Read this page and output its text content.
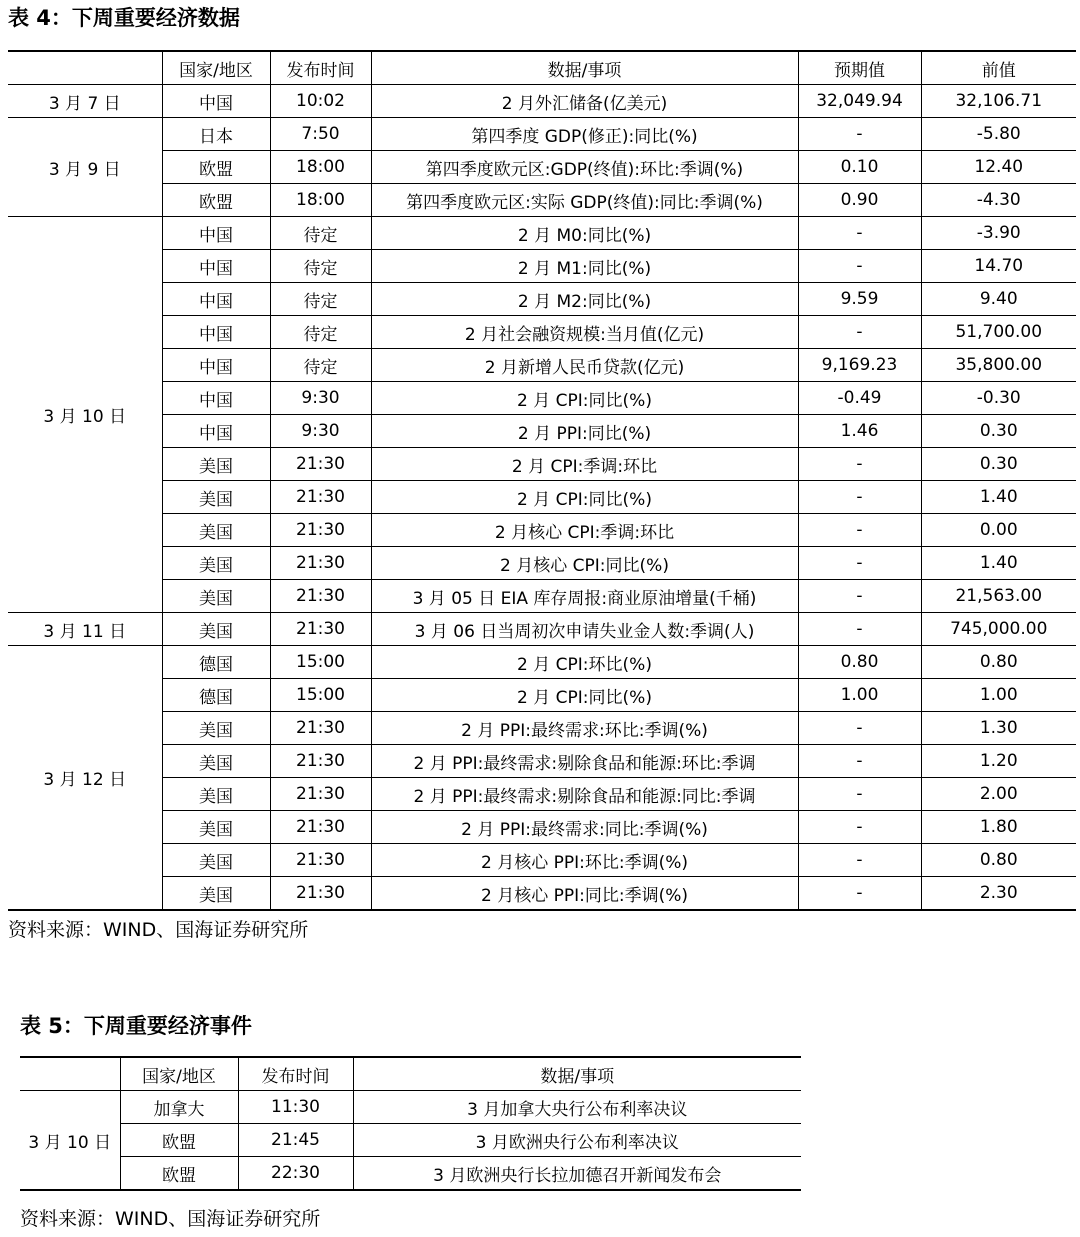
表 4：下周重要经济数据
	国家/地区	发布时间	数据/事项	预期值	前值
3 月 7 日	中国	10:02	2 月外汇储备(亿美元)	32,049.94	32,106.71
3 月 9 日	日本	7:50	第四季度 GDP(修正):同比(%)	-	-5.80
	欧盟	18:00	第四季度欧元区:GDP(终值):环比:季调(%)	0.10	12.40
	欧盟	18:00	第四季度欧元区:实际 GDP(终值):同比:季调(%)	0.90	-4.30
3 月 10 日	中国	待定	2 月 M0:同比(%)	-	-3.90
	中国	待定	2 月 M1:同比(%)	-	14.70
	中国	待定	2 月 M2:同比(%)	9.59	9.40
	中国	待定	2 月社会融资规模:当月值(亿元)	-	51,700.00
	中国	待定	2 月新增人民币贷款(亿元)	9,169.23	35,800.00
	中国	9:30	2 月 CPI:同比(%)	-0.49	-0.30
	中国	9:30	2 月 PPI:同比(%)	1.46	0.30
	美国	21:30	2 月 CPI:季调:环比	-	0.30
	美国	21:30	2 月 CPI:同比(%)	-	1.40
	美国	21:30	2 月核心 CPI:季调:环比	-	0.00
	美国	21:30	2 月核心 CPI:同比(%)	-	1.40
	美国	21:30	3 月 05 日 EIA 库存周报:商业原油增量(千桶)	-	21,563.00
3 月 11 日	美国	21:30	3 月 06 日当周初次申请失业金人数:季调(人)	-	745,000.00
3 月 12 日	德国	15:00	2 月 CPI:环比(%)	0.80	0.80
	德国	15:00	2 月 CPI:同比(%)	1.00	1.00
	美国	21:30	2 月 PPI:最终需求:环比:季调(%)	-	1.30
	美国	21:30	2 月 PPI:最终需求:剔除食品和能源:环比:季调	-	1.20
	美国	21:30	2 月 PPI:最终需求:剔除食品和能源:同比:季调	-	2.00
	美国	21:30	2 月 PPI:最终需求:同比:季调(%)	-	1.80
	美国	21:30	2 月核心 PPI:环比:季调(%)	-	0.80
	美国	21:30	2 月核心 PPI:同比:季调(%)	-	2.30
资料来源：WIND、国海证券研究所
表 5：下周重要经济事件
	国家/地区	发布时间	数据/事项
3 月 10 日	加拿大	11:30	3 月加拿大央行公布利率决议
	欧盟	21:45	3 月欧洲央行公布利率决议
	欧盟	22:30	3 月欧洲央行长拉加德召开新闻发布会
资料来源：WIND、国海证券研究所
